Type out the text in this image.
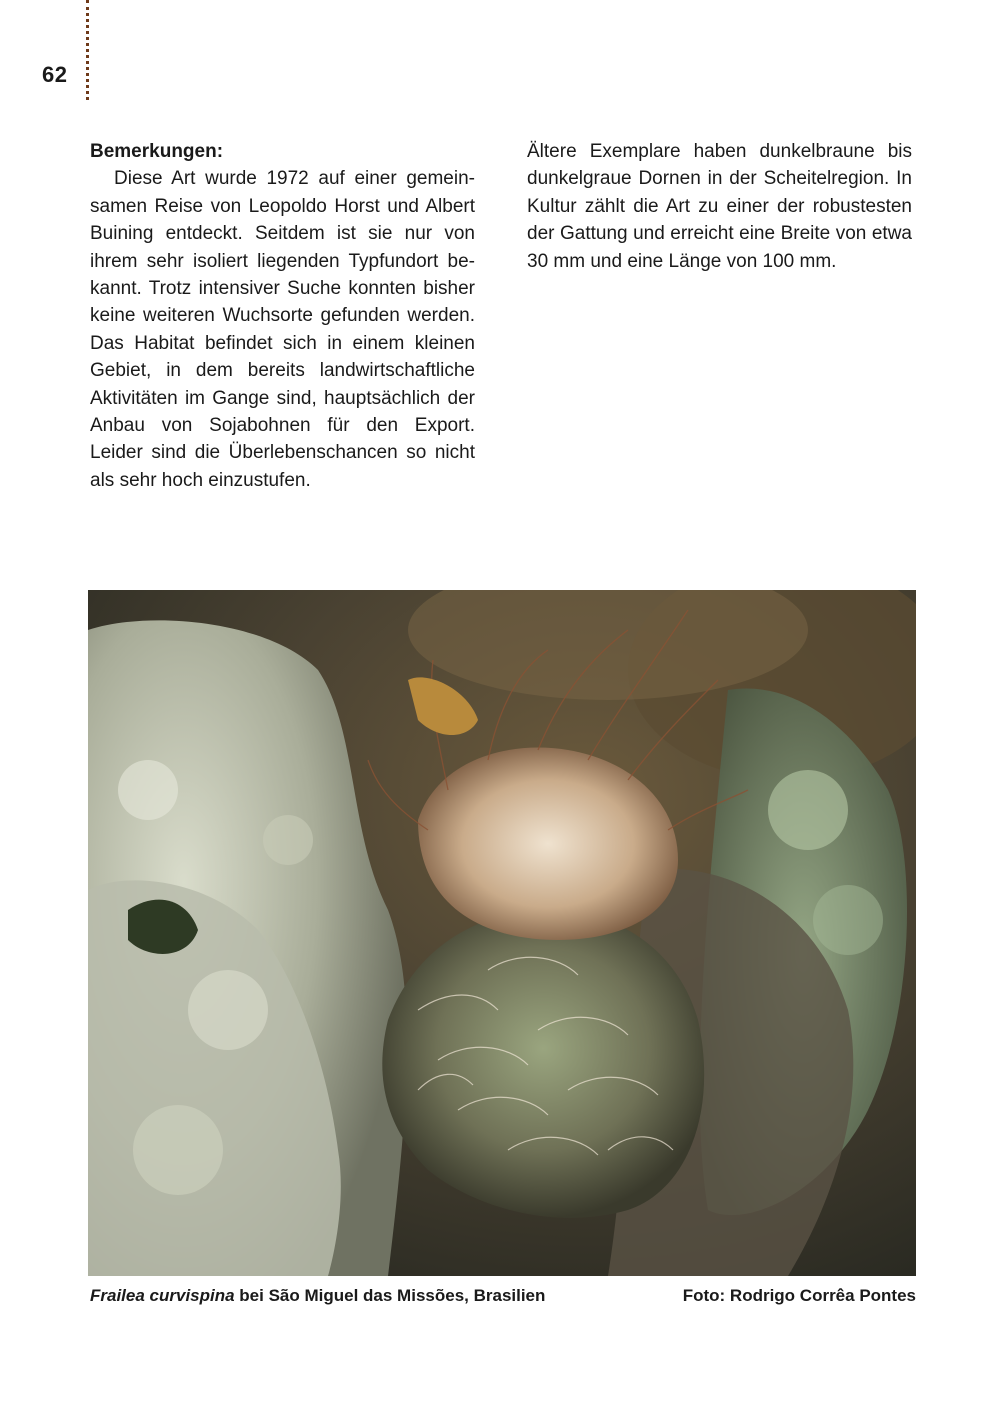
62
Bemerkungen:

Diese Art wurde 1972 auf einer gemeinsamen Reise von Leopoldo Horst und Albert Buining entdeckt. Seitdem ist sie nur von ihrem sehr isoliert liegenden Typfundort bekannt. Trotz intensiver Suche konnten bisher keine weiteren Wuchsorte gefunden werden. Das Habitat befindet sich in einem kleinen Gebiet, in dem bereits landwirtschaftliche Aktivitäten im Gange sind, hauptsächlich der Anbau von Sojabohnen für den Export. Leider sind die Überlebenschancen so nicht als sehr hoch einzustufen.

Ältere Exemplare haben dunkelbraune bis dunkelgraue Dornen in der Scheitelregion. In Kultur zählt die Art zu einer der robustesten der Gattung und erreicht eine Breite von etwa 30 mm und eine Länge von 100 mm.

Frailea curvispina bei São Miguel das Missões, Brasilien	Foto: Rodrigo Corrêa Pontes
